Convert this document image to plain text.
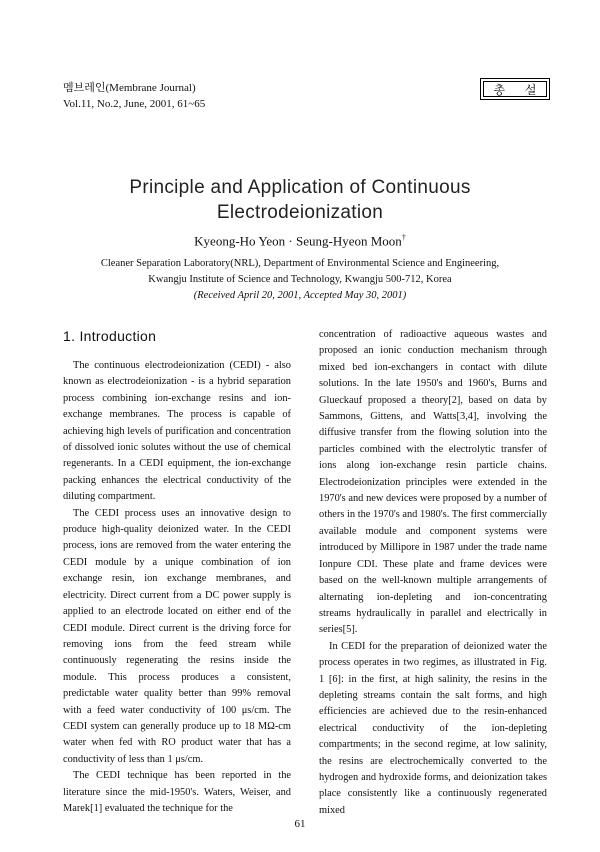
멤브레인(Membrane Journal)
Vol.11, No.2, June, 2001, 61~65
총 설
Principle and Application of Continuous
Electrodeionization
Kyeong-Ho Yeon · Seung-Hyeon Moon†
Cleaner Separation Laboratory(NRL), Department of Environmental Science and Engineering,
Kwangju Institute of Science and Technology, Kwangju 500-712, Korea
(Received April 20, 2001, Accepted May 30, 2001)
1. Introduction

The continuous electrodeionization (CEDI) - also known as electrodeionization - is a hybrid separation process combining ion-exchange resins and ion-exchange membranes. The process is capable of achieving high levels of purification and concentration of dissolved ionic solutes without the use of chemical regenerants. In a CEDI equipment, the ion-exchange packing enhances the electrical conductivity of the diluting compartment.

The CEDI process uses an innovative design to produce high-quality deionized water. In the CEDI process, ions are removed from the water entering the CEDI module by a unique combination of ion exchange resin, ion exchange membranes, and electricity. Direct current from a DC power supply is applied to an electrode located on either end of the CEDI module. Direct current is the driving force for removing ions from the feed stream while continuously regenerating the resins inside the module. This process produces a consistent, predictable water quality better than 99% removal with a feed water conductivity of 100 μs/cm. The CEDI system can generally produce up to 18 MΩ-cm water when fed with RO product water that has a conductivity of less than 1 μs/cm.

The CEDI technique has been reported in the literature since the mid-1950's. Waters, Weiser, and Marek[1] evaluated the technique for the

concentration of radioactive aqueous wastes and proposed an ionic conduction mechanism through mixed bed ion-exchangers in contact with dilute solutions. In the late 1950's and 1960's, Burns and Glueckauf proposed a theory[2], based on data by Sammons, Gittens, and Watts[3,4], involving the diffusive transfer from the flowing solution into the particles combined with the electrolytic transfer of ions along ion-exchange resin particle chains. Electrodeionization principles were extended in the 1970's and new devices were proposed by a number of others in the 1970's and 1980's. The first commercially available module and component systems were introduced by Millipore in 1987 under the trade name Ionpure CDI. These plate and frame devices were based on the well-known multiple arrangements of alternating ion-depleting and ion-concentrating streams hydraulically in parallel and electrically in series[5].

In CEDI for the preparation of deionized water the process operates in two regimes, as illustrated in Fig. 1 [6]: in the first, at high salinity, the resins in the depleting streams contain the salt forms, and high efficiencies are achieved due to the resin-enhanced electrical conductivity of the ion-depleting compartments; in the second regime, at low salinity, the resins are electrochemically converted to the hydrogen and hydroxide forms, and deionization takes place consistently like a continuously regenerated mixed

61
